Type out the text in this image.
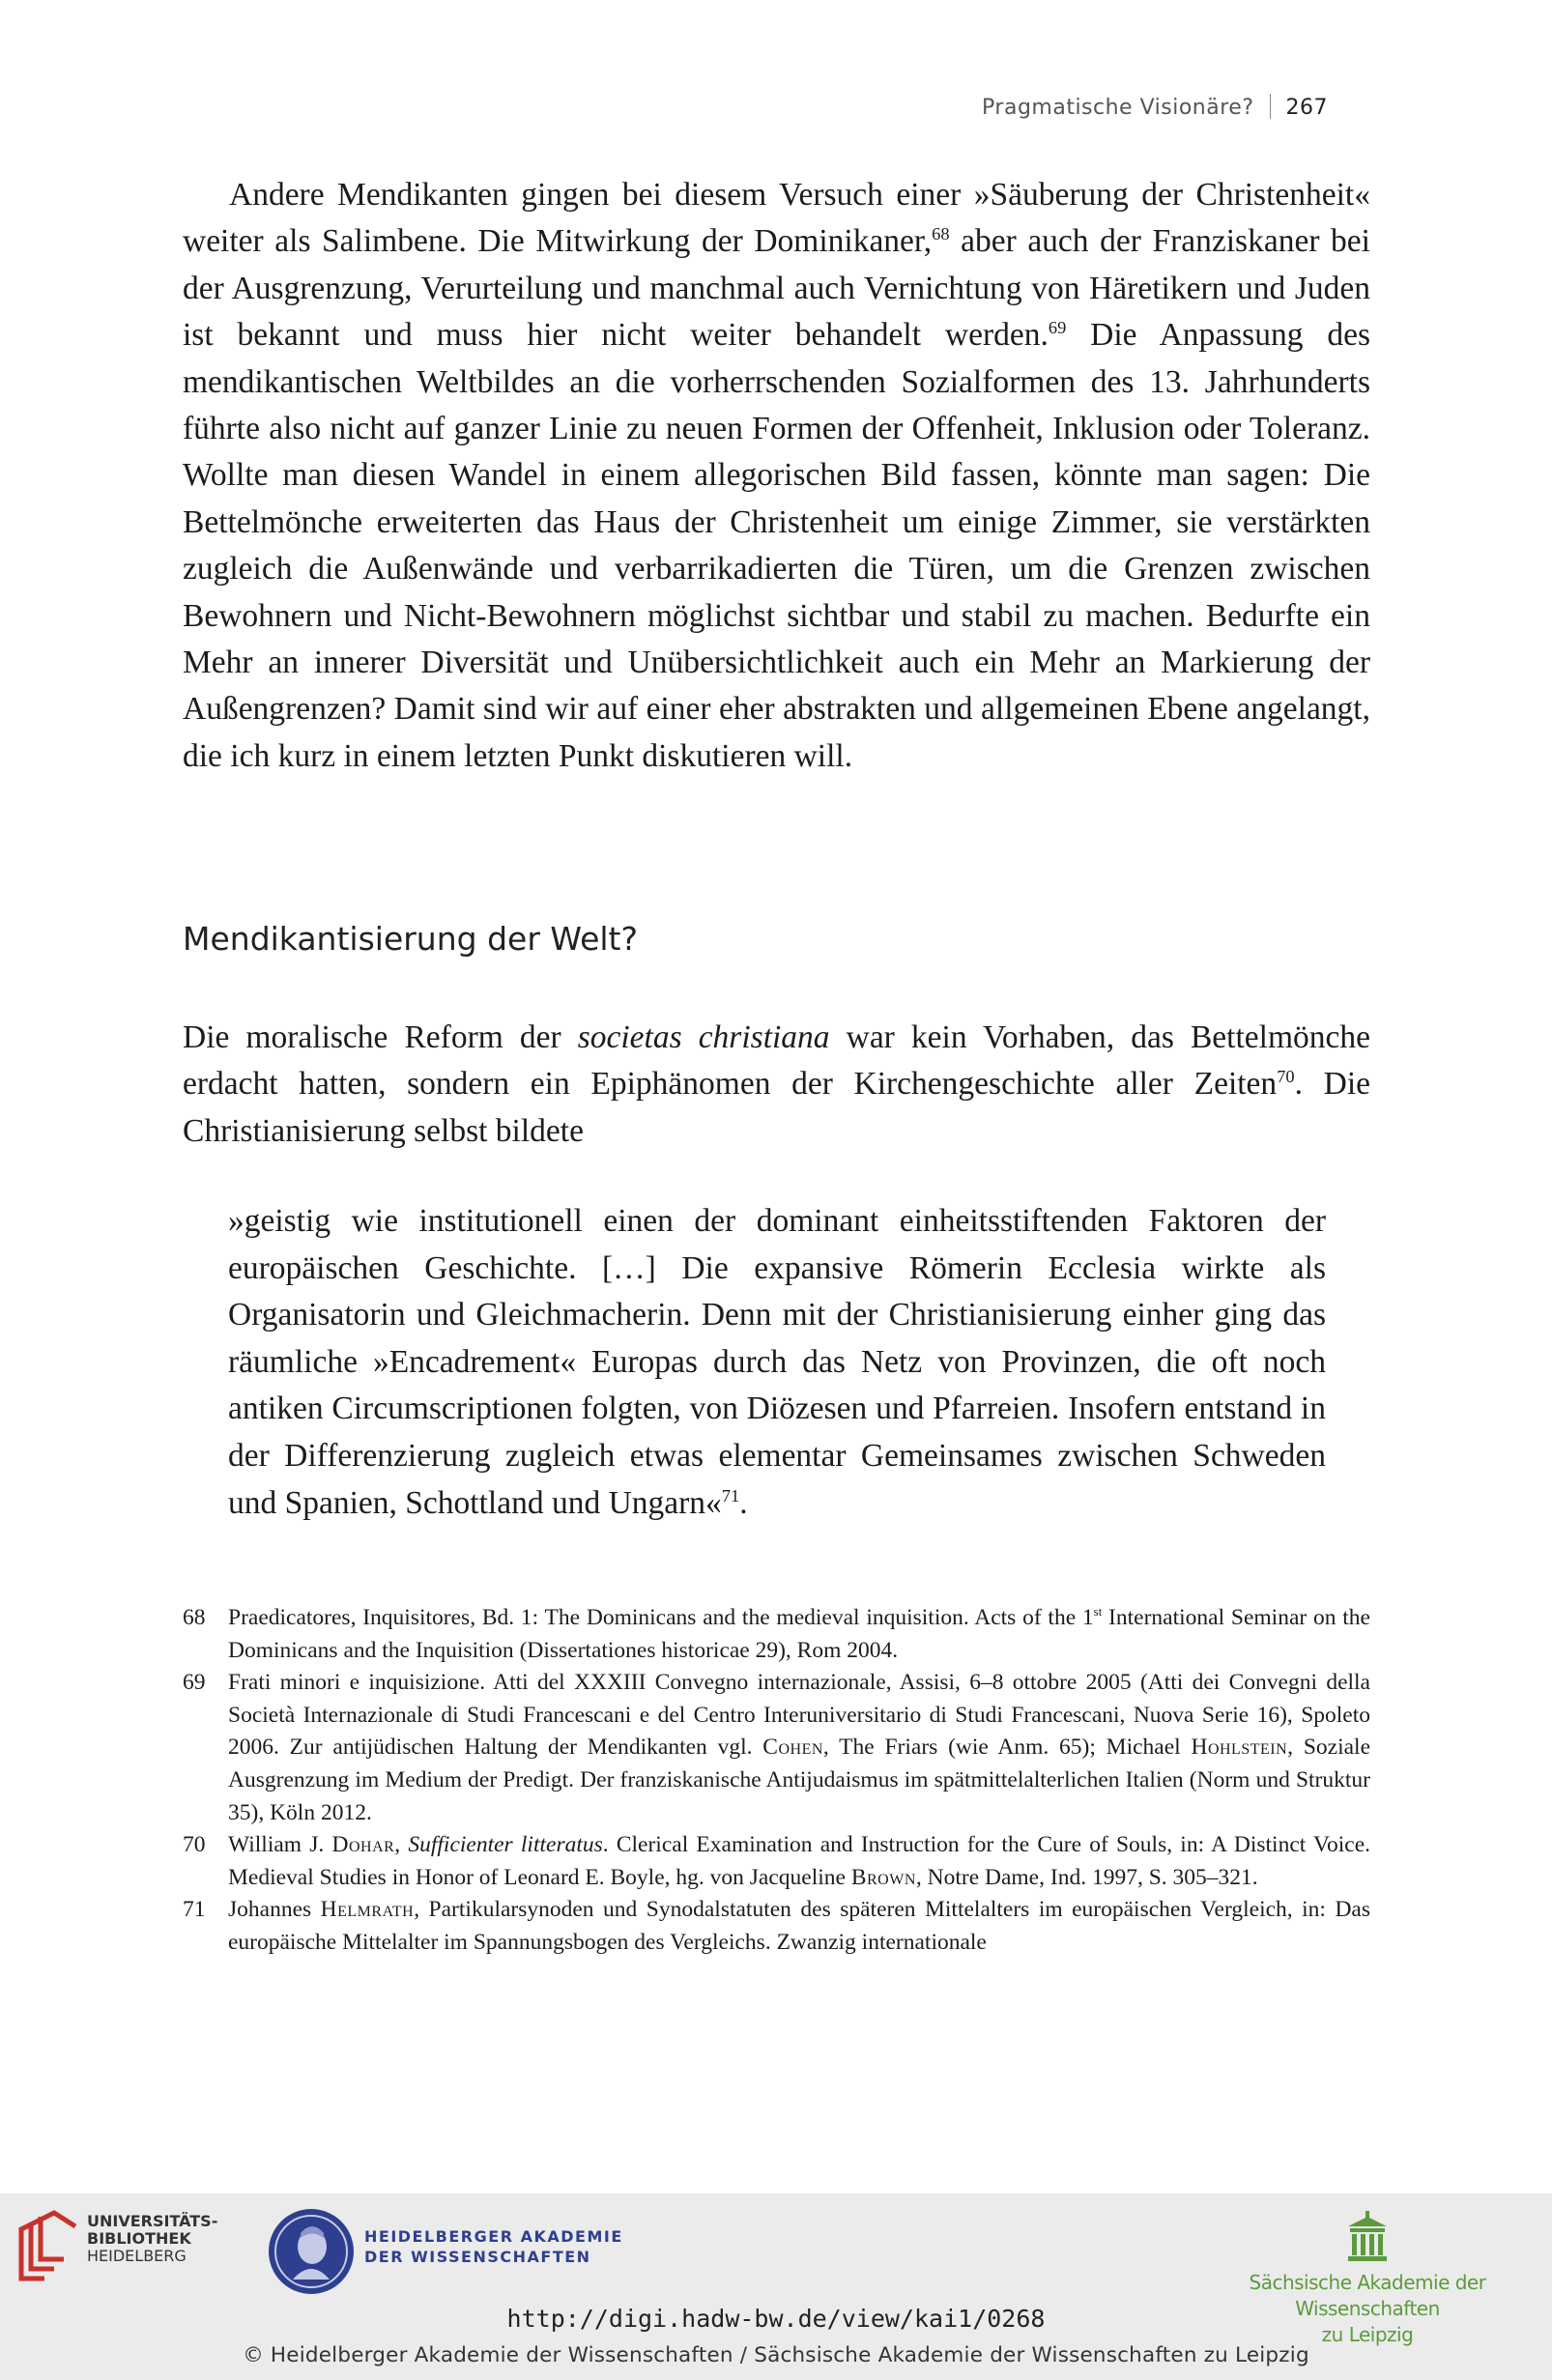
Pragmatische Visionäre? 267

Andere Mendikanten gingen bei diesem Versuch einer »Säuberung der Christenheit« weiter als Salimbene. Die Mitwirkung der Dominikaner,$^{68}$ aber auch der Franziskaner bei der Ausgrenzung, Verurteilung und manchmal auch Vernichtung von Häretikern und Juden ist bekannt und muss hier nicht weiter behandelt werden.$^{69}$ Die Anpassung des mendikantischen Weltbildes an die vorherrschenden Sozialformen des 13. Jahrhunderts führte also nicht auf ganzer Linie zu neuen Formen der Offenheit, Inklusion oder Toleranz. Wollte man diesen Wandel in einem allegorischen Bild fassen, könnte man sagen: Die Bettelmönche erweiterten das Haus der Christenheit um einige Zimmer, sie verstärkten zugleich die Außenwände und verbarrikadierten die Türen, um die Grenzen zwischen Bewohnern und Nicht-Bewohnern möglichst sichtbar und stabil zu machen. Bedurfte ein Mehr an innerer Diversität und Unübersichtlichkeit auch ein Mehr an Markierung der Außengrenzen? Damit sind wir auf einer eher abstrakten und allgemeinen Ebene angelangt, die ich kurz in einem letzten Punkt diskutieren will.

Mendikantisierung der Welt?

Die moralische Reform der societas christiana war kein Vorhaben, das Bettelmönche erdacht hatten, sondern ein Epiphänomen der Kirchengeschichte aller Zeiten$^{70}$. Die Christianisierung selbst bildete

»geistig wie institutionell einen der dominant einheitsstiftenden Faktoren der europäischen Geschichte. […] Die expansive Römerin Ecclesia wirkte als Organisatorin und Gleichmacherin. Denn mit der Christianisierung einher ging das räumliche »Encadrement« Europas durch das Netz von Provinzen, die oft noch antiken Circumscriptionen folgten, von Diözesen und Pfarreien. Insofern entstand in der Differenzierung zugleich etwas elementar Gemeinsames zwischen Schweden und Spanien, Schottland und Ungarn«$^{71}$.

68	Praedicatores, Inquisitores, Bd. 1: The Dominicans and the medieval inquisition. Acts of the 1st International Seminar on the Dominicans and the Inquisition (Dissertationes historicae 29), Rom 2004.
69	Frati minori e inquisizione. Atti del XXXIII Convegno internazionale, Assisi, 6–8 ottobre 2005 (Atti dei Convegni della Società Internazionale di Studi Francescani e del Centro Interuniversitario di Studi Francescani, Nuova Serie 16), Spoleto 2006. Zur antijüdischen Haltung der Mendikanten vgl. Cohen, The Friars (wie Anm. 65); Michael Hohlstein, Soziale Ausgrenzung im Medium der Predigt. Der franziskanische Antijudaismus im spätmittelalterlichen Italien (Norm und Struktur 35), Köln 2012.
70	William J. Dohar, Sufficienter litteratus. Clerical Examination and Instruction for the Cure of Souls, in: A Distinct Voice. Medieval Studies in Honor of Leonard E. Boyle, hg. von Jacqueline Brown, Notre Dame, Ind. 1997, S. 305–321.
71	Johannes Helmrath, Partikularsynoden und Synodalstatuten des späteren Mittelalters im europäischen Vergleich, in: Das europäische Mittelalter im Spannungsbogen des Vergleichs. Zwanzig internationale
UNIVERSITÄTS-
BIBLIOTHEK
HEIDELBERG
HEIDELBERGER AKADEMIE
DER WISSENSCHAFTEN
Sächsische Akademie der Wissenschaften
zu Leipzig
http://digi.hadw-bw.de/view/kai1/0268
© Heidelberger Akademie der Wissenschaften / Sächsische Akademie der Wissenschaften zu Leipzig
